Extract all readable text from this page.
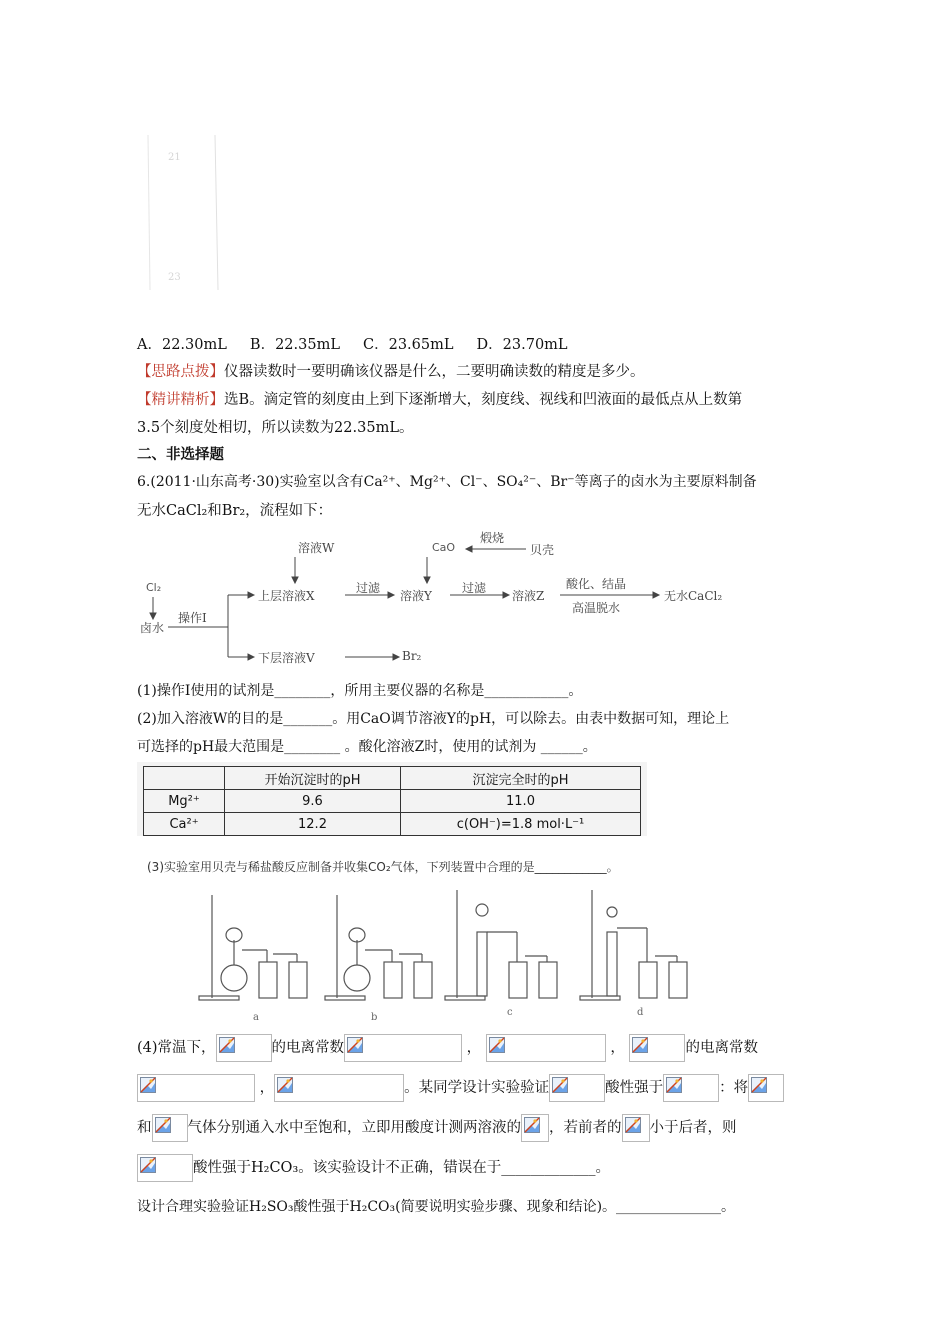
21
23
A．22.30mL B．22.35mL C．23.65mL D．23.70mL
【思路点拨】仪器读数时一要明确该仪器是什么，二要明确读数的精度是多少。
【精讲精析】选B。滴定管的刻度由上到下逐渐增大，刻度线、视线和凹液面的最低点从上数第
3.5个刻度处相切，所以读数为22.35mL。
二、非选择题
6.(2011·山东高考·30)实验室以含有Ca²⁺、Mg²⁺、Cl⁻、SO₄²⁻、Br⁻等离子的卤水为主要原料制备
无水CaCl₂和Br₂，流程如下：
Cl₂
卤水
操作Ⅰ
溶液W
上层溶液X
下层溶液V	Br₂
过滤
溶液Y
CaO
煅烧
贝壳
过滤
溶液Z
酸化、结晶
高温脱水
无水CaCl₂
(1)操作Ⅰ使用的试剂是________，所用主要仪器的名称是____________。
(2)加入溶液W的目的是_______。用CaO调节溶液Y的pH，可以除去。由表中数据可知，理论上
可选择的pH最大范围是________ 。酸化溶液Z时，使用的试剂为 ______。
	开始沉淀时的pH	沉淀完全时的pH
Mg²⁺	9.6	11.0
Ca²⁺	12.2	c(OH⁻)=1.8 mol·L⁻¹
(3)实验室用贝壳与稀盐酸反应制备并收集CO₂气体，下列装置中合理的是____________。
a	b	c	d
(4)常温下，	的电离常数	，	，	的电离常数
，	。某同学设计实验验证	酸性强于	：将
和 气体分别通入水中至饱和，立即用酸度计测两溶液的 ，若前者的 小于后者，则
酸性强于H₂CO₃。该实验设计不正确，错误在于_____________。
设计合理实验验证H₂SO₃酸性强于H₂CO₃(简要说明实验步骤、现象和结论)。_______________。
